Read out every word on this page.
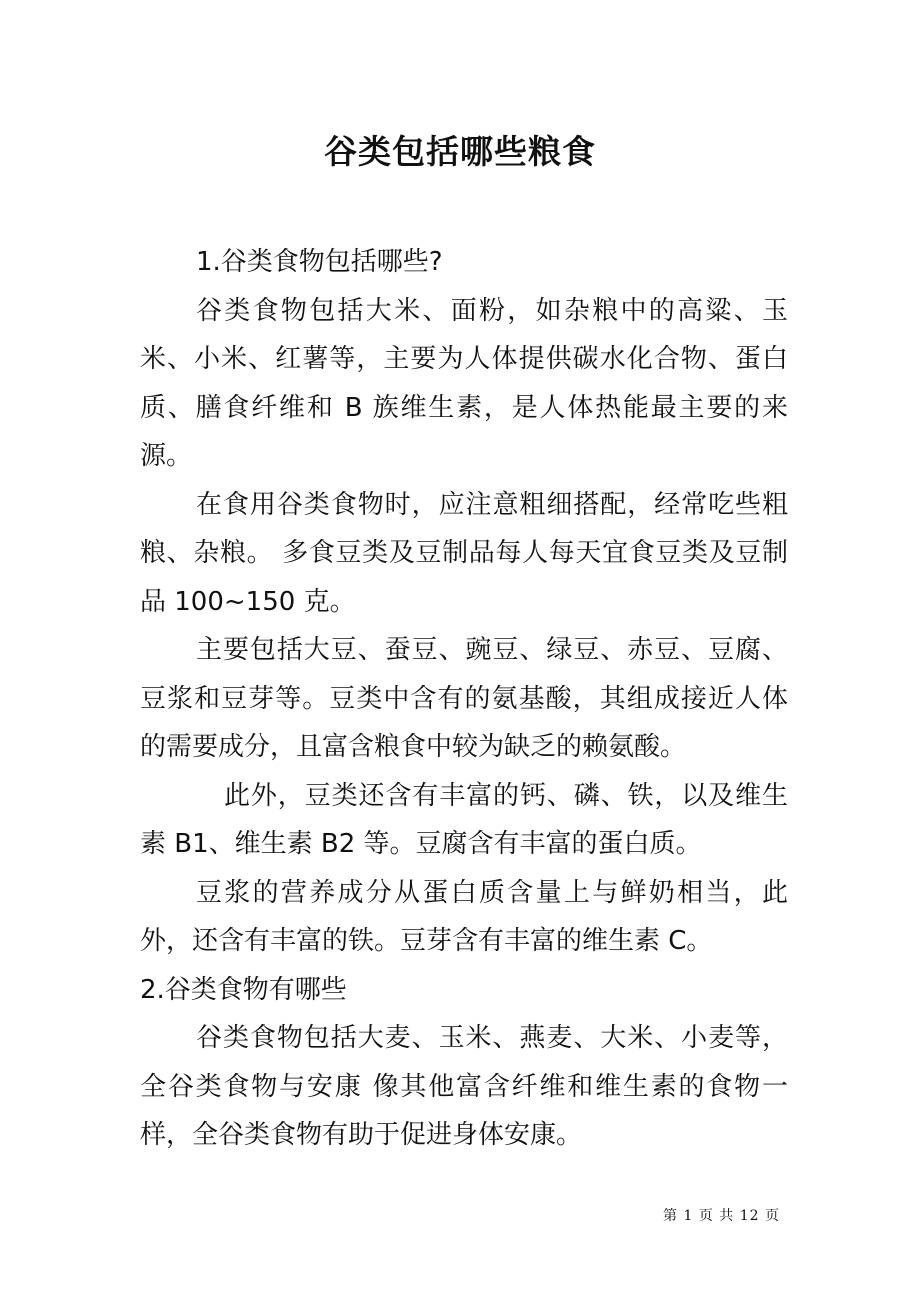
谷类包括哪些粮食

1.谷类食物包括哪些?

谷类食物包括大米、面粉，如杂粮中的高粱、玉米、小米、红薯等，主要为人体提供碳水化合物、蛋白质、膳食纤维和 B 族维生素，是人体热能最主要的来源。

在食用谷类食物时，应注意粗细搭配，经常吃些粗粮、杂粮。 多食豆类及豆制品每人每天宜食豆类及豆制品 100~150 克。

主要包括大豆、蚕豆、豌豆、绿豆、赤豆、豆腐、豆浆和豆芽等。豆类中含有的氨基酸，其组成接近人体的需要成分，且富含粮食中较为缺乏的赖氨酸。

此外，豆类还含有丰富的钙、磷、铁，以及维生素 B1、维生素 B2 等。豆腐含有丰富的蛋白质。

豆浆的营养成分从蛋白质含量上与鲜奶相当，此外，还含有丰富的铁。豆芽含有丰富的维生素 C。

2.谷类食物有哪些

谷类食物包括大麦、玉米、燕麦、大米、小麦等，全谷类食物与安康 像其他富含纤维和维生素的食物一样，全谷类食物有助于促进身体安康。

第 1 页 共 12 页
